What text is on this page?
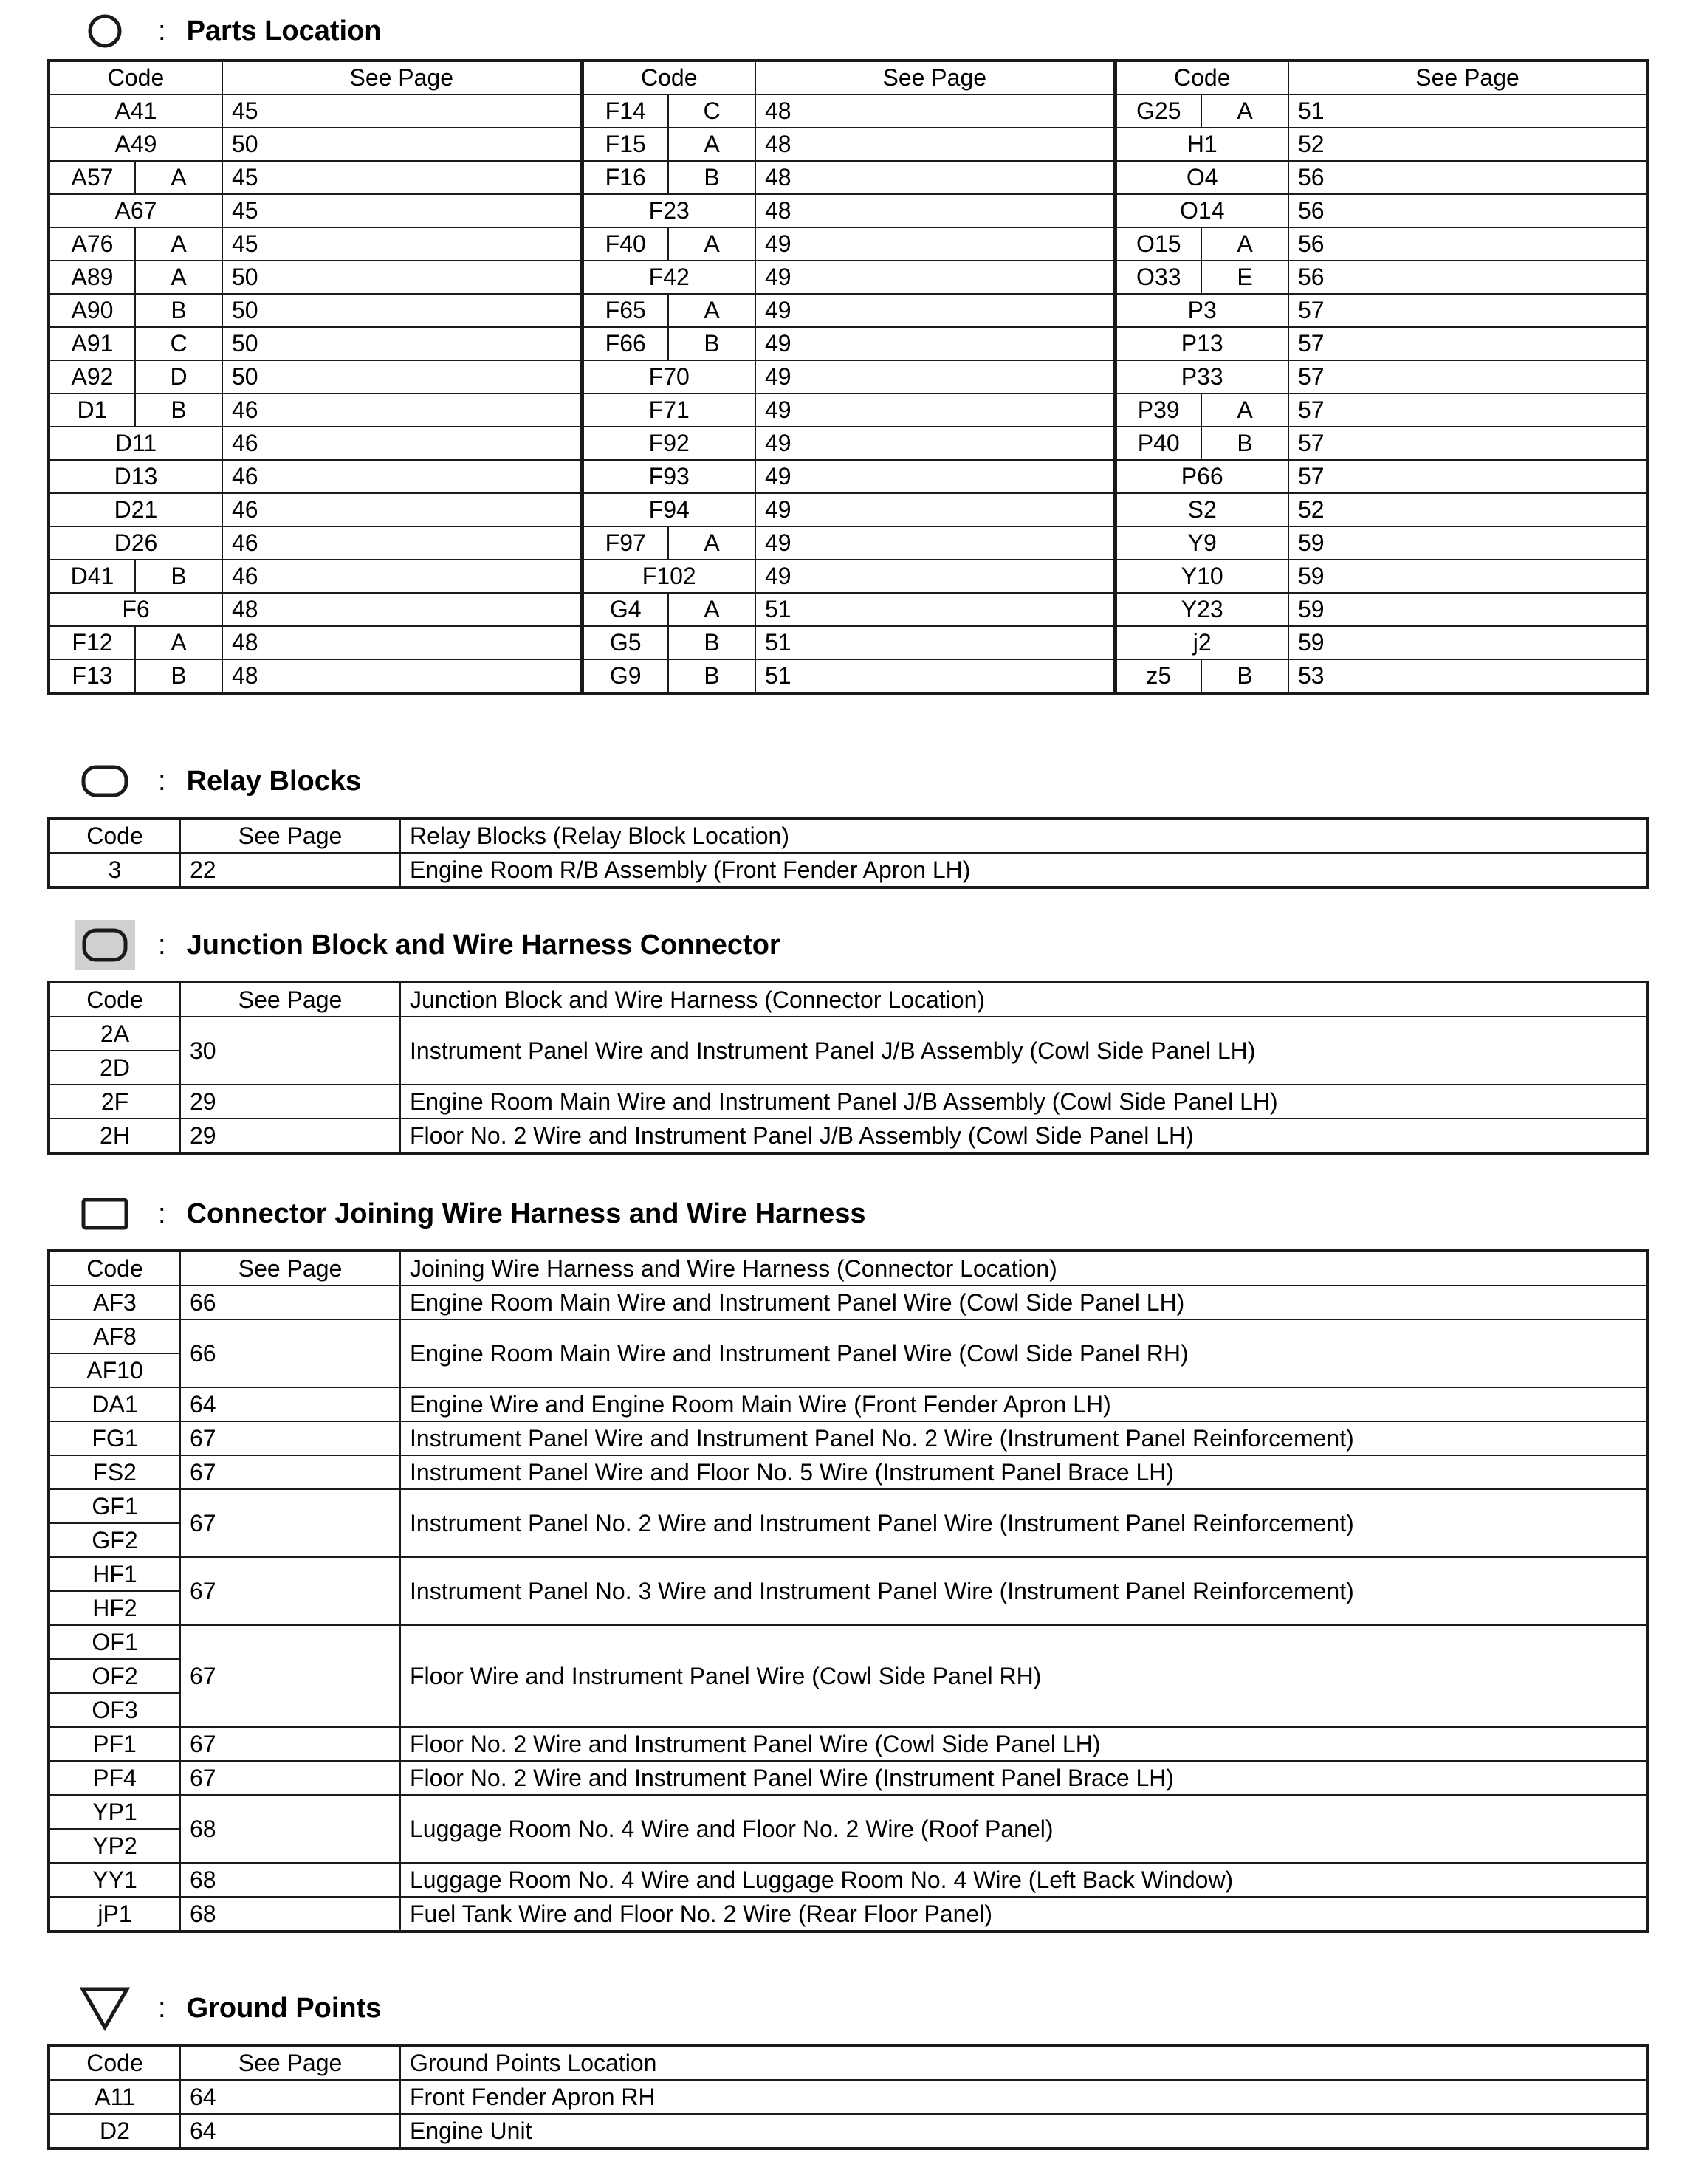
: Parts Location
Code		See Page	Code		See Page	Code		See Page
A41		45	F14	C	48	G25	A	51
A49		50	F15	A	48	H1		52
A57	A	45	F16	B	48	O4		56
A67		45	F23		48	O14		56
A76	A	45	F40	A	49	O15	A	56
A89	A	50	F42		49	O33	E	56
A90	B	50	F65	A	49	P3		57
A91	C	50	F66	B	49	P13		57
A92	D	50	F70		49	P33		57
D1	B	46	F71		49	P39	A	57
D11		46	F92		49	P40	B	57
D13		46	F93		49	P66		57
D21		46	F94		49	S2		52
D26		46	F97	A	49	Y9		59
D41	B	46	F102		49	Y10		59
F6		48	G4	A	51	Y23		59
F12	A	48	G5	B	51	j2		59
F13	B	48	G9	B	51	z5	B	53
: Relay Blocks
Code	See Page	Relay Blocks (Relay Block Location)
3	22	Engine Room R/B Assembly (Front Fender Apron LH)
: Junction Block and Wire Harness Connector
Code	See Page	Junction Block and Wire Harness (Connector Location)
2A	30	Instrument Panel Wire and Instrument Panel J/B Assembly (Cowl Side Panel LH)
2D		
2F	29	Engine Room Main Wire and Instrument Panel J/B Assembly (Cowl Side Panel LH)
2H	29	Floor No. 2 Wire and Instrument Panel J/B Assembly (Cowl Side Panel LH)
: Connector Joining Wire Harness and Wire Harness
Code	See Page	Joining Wire Harness and Wire Harness (Connector Location)
AF3	66	Engine Room Main Wire and Instrument Panel Wire (Cowl Side Panel LH)
AF8	66	Engine Room Main Wire and Instrument Panel Wire (Cowl Side Panel RH)
AF10		
DA1	64	Engine Wire and Engine Room Main Wire (Front Fender Apron LH)
FG1	67	Instrument Panel Wire and Instrument Panel No. 2 Wire (Instrument Panel Reinforcement)
FS2	67	Instrument Panel Wire and Floor No. 5 Wire (Instrument Panel Brace LH)
GF1	67	Instrument Panel No. 2 Wire and Instrument Panel Wire (Instrument Panel Reinforcement)
GF2		
HF1	67	Instrument Panel No. 3 Wire and Instrument Panel Wire (Instrument Panel Reinforcement)
HF2		
OF1	67	Floor Wire and Instrument Panel Wire (Cowl Side Panel RH)
OF2		
OF3		
PF1	67	Floor No. 2 Wire and Instrument Panel Wire (Cowl Side Panel LH)
PF4	67	Floor No. 2 Wire and Instrument Panel Wire (Instrument Panel Brace LH)
YP1	68	Luggage Room No. 4 Wire and Floor No. 2 Wire (Roof Panel)
YP2		
YY1	68	Luggage Room No. 4 Wire and Luggage Room No. 4 Wire (Left Back Window)
jP1	68	Fuel Tank Wire and Floor No. 2 Wire (Rear Floor Panel)
: Ground Points
Code	See Page	Ground Points Location
A11	64	Front Fender Apron RH
D2	64	Engine Unit
